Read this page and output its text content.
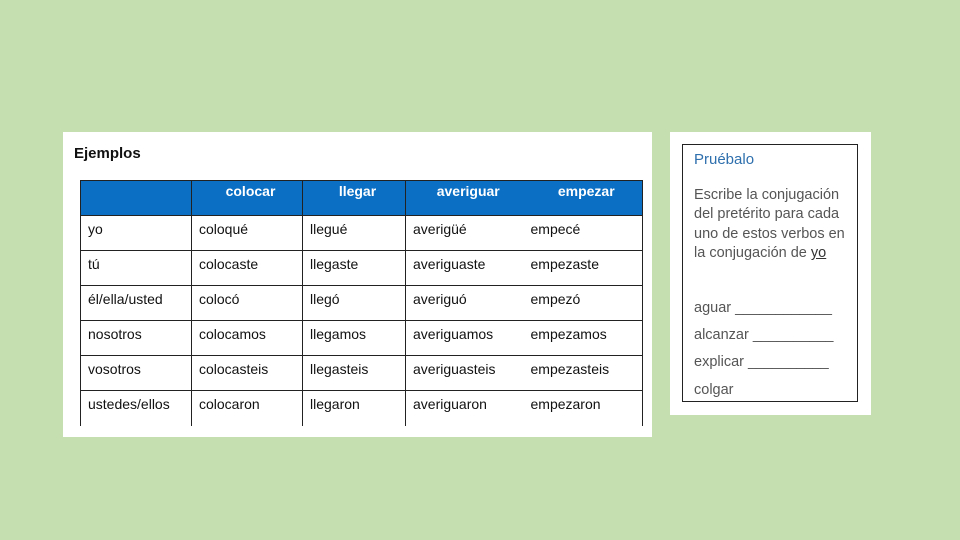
Ejemplos
	colocar	llegar	averiguar	empezar
yo	coloqué	llegué	averigüé	empecé
tú	colocaste	llegaste	averiguaste	empezaste
él/ella/usted	colocó	llegó	averiguó	empezó
nosotros	colocamos	llegamos	averiguamos	empezamos
vosotros	colocasteis	llegasteis	averiguasteis	empezasteis
ustedes/ellos	colocaron	llegaron	averiguaron	empezaron
Pruébalo
Escribe la conjugación del pretérito para cada uno de estos verbos en la conjugación de yo
aguar ____________
alcanzar __________
explicar __________
colgar
